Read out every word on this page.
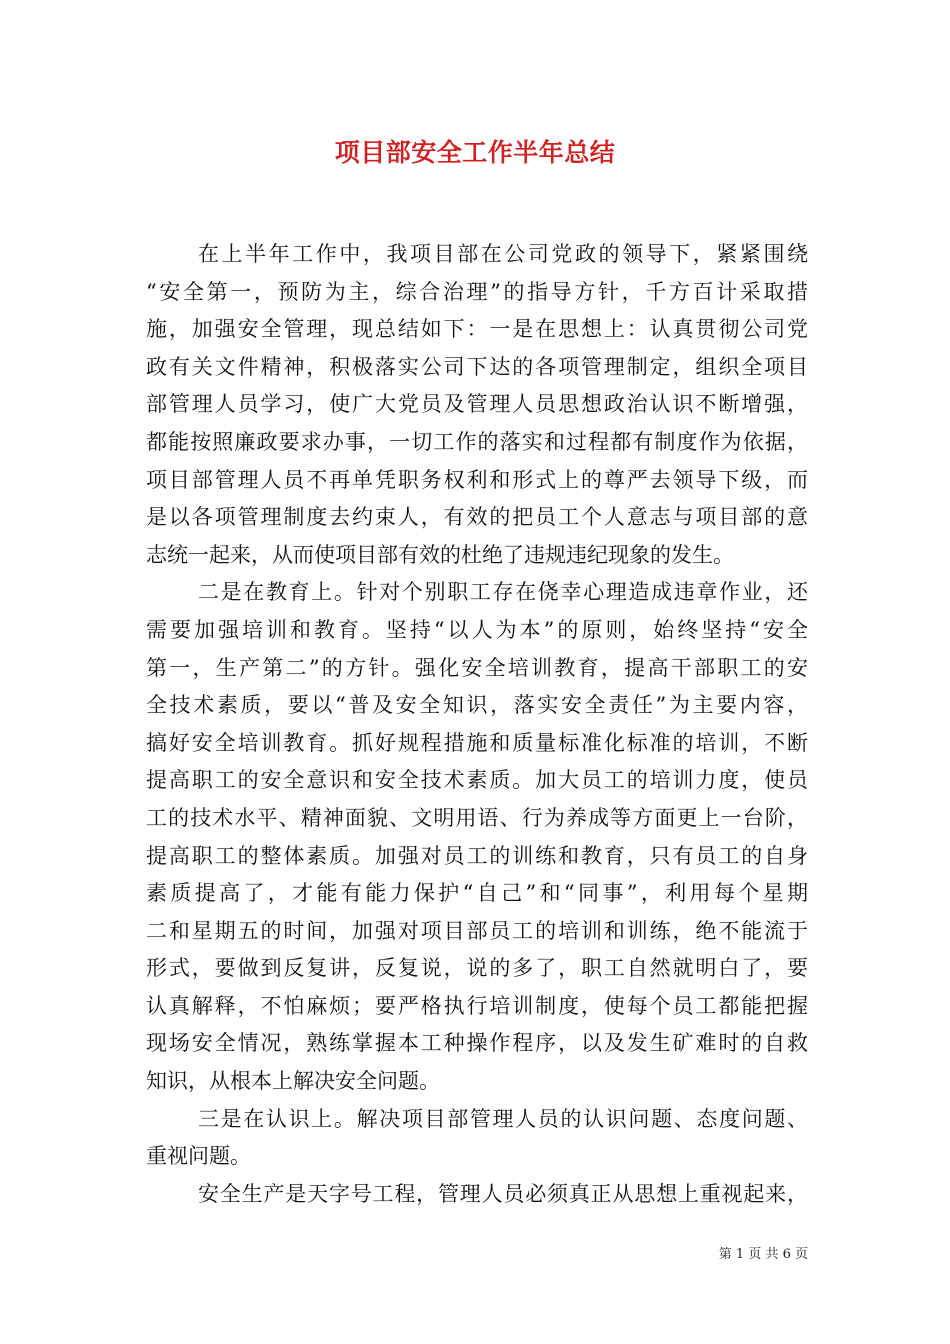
项目部安全工作半年总结
在上半年工作中，我项目部在公司党政的领导下，紧紧围绕
“安全第一，预防为主，综合治理”的指导方针，千方百计采取措
施，加强安全管理，现总结如下：一是在思想上：认真贯彻公司党
政有关文件精神，积极落实公司下达的各项管理制定，组织全项目
部管理人员学习，使广大党员及管理人员思想政治认识不断增强，
都能按照廉政要求办事，一切工作的落实和过程都有制度作为依据，
项目部管理人员不再单凭职务权利和形式上的尊严去领导下级，而
是以各项管理制度去约束人，有效的把员工个人意志与项目部的意
志统一起来，从而使项目部有效的杜绝了违规违纪现象的发生。
二是在教育上。针对个别职工存在侥幸心理造成违章作业，还
需要加强培训和教育。坚持“以人为本”的原则，始终坚持“安全
第一，生产第二”的方针。强化安全培训教育，提高干部职工的安
全技术素质，要以“普及安全知识，落实安全责任”为主要内容，
搞好安全培训教育。抓好规程措施和质量标准化标准的培训，不断
提高职工的安全意识和安全技术素质。加大员工的培训力度，使员
工的技术水平、精神面貌、文明用语、行为养成等方面更上一台阶，
提高职工的整体素质。加强对员工的训练和教育，只有员工的自身
素质提高了，才能有能力保护“自己”和“同事”，利用每个星期
二和星期五的时间，加强对项目部员工的培训和训练，绝不能流于
形式，要做到反复讲，反复说，说的多了，职工自然就明白了，要
认真解释，不怕麻烦；要严格执行培训制度，使每个员工都能把握
现场安全情况，熟练掌握本工种操作程序，以及发生矿难时的自救
知识，从根本上解决安全问题。
三是在认识上。解决项目部管理人员的认识问题、态度问题、
重视问题。
安全生产是天字号工程，管理人员必须真正从思想上重视起来，
第 1 页 共 6 页
